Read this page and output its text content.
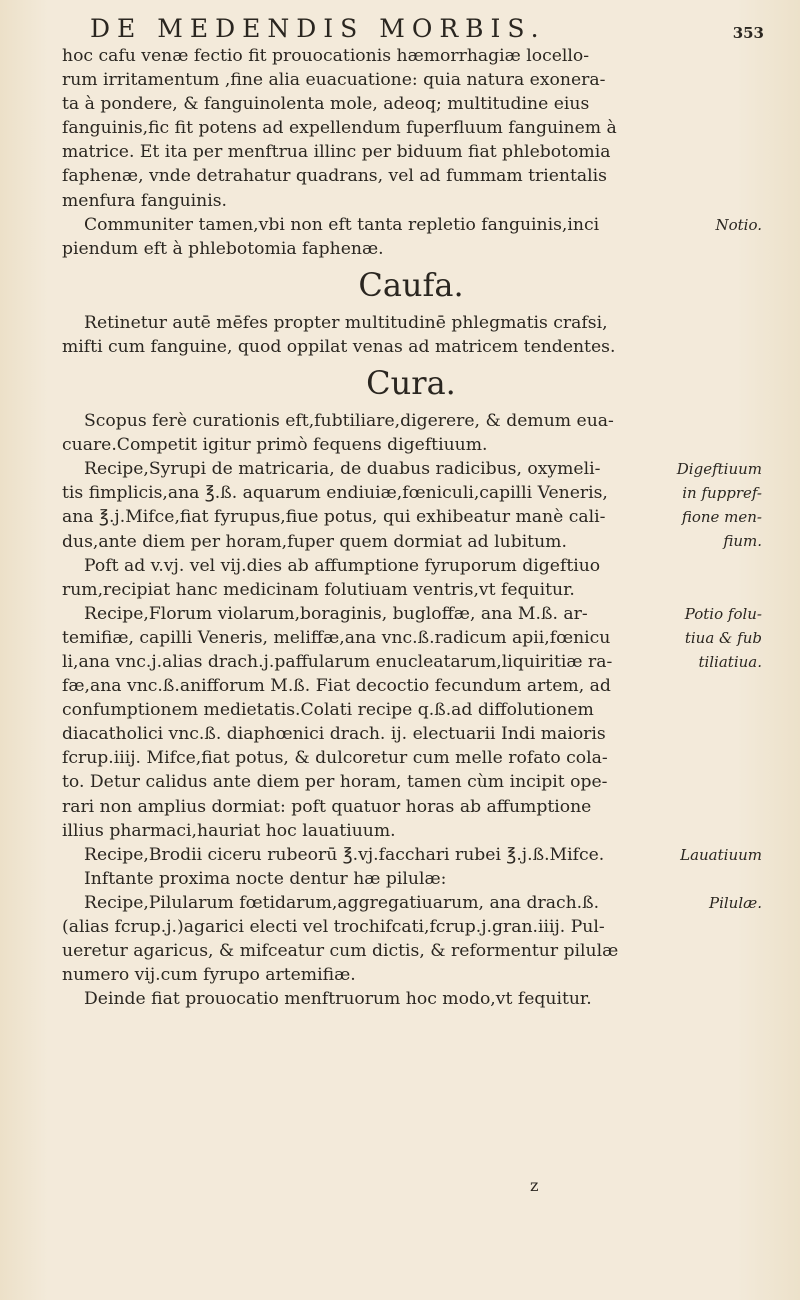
DE MEDENDIS MORBIS.	353
hoc cafu venæ fectio fit prouocationis hæmorrhagiæ locello-
rum irritamentum ,fine alia euacuatione: quia natura exonera-
ta à pondere, & fanguinolenta mole, adeoq; multitudine eius
fanguinis,fic fit potens ad expellendum fuperfluum fanguinem à
matrice. Et ita per menftrua illinc per biduum fiat phlebotomia
faphenæ, vnde detrahatur quadrans, vel ad fummam trientalis
menfura fanguinis.
Communiter tamen,vbi non eft tanta repletio fanguinis,inci	Notio.
piendum eft à phlebotomia faphenæ.
Caufa.
Retinetur autē mēfes propter multitudinē phlegmatis crafsi,
mifti cum fanguine, quod oppilat venas ad matricem tendentes.
Cura.
Scopus ferè curationis eft,fubtiliare,digerere, & demum eua-
cuare.Competit igitur primò fequens digeftiuum.
Recipe,Syrupi de matricaria, de duabus radicibus, oxymeli-
tis fimplicis,ana ℥.ß. aquarum endiuiæ,fœniculi,capilli Veneris,
ana ℥.j.Mifce,fiat fyrupus,fiue potus, qui exhibeatur manè cali-
dus,ante diem per horam,fuper quem dormiat ad lubitum.
Poft ad v.vj. vel vij.dies ab affumptione fyruporum digeftiuo
rum,recipiat hanc medicinam folutiuam ventris,vt fequitur.
Recipe,Florum violarum,boraginis, bugloffæ, ana M.ß. ar-
temifiæ, capilli Veneris, meliffæ,ana vnc.ß.radicum apii,fœnicu
li,ana vnc.j.alias drach.j.paffularum enucleatarum,liquiritiæ ra-
fæ,ana vnc.ß.anifforum M.ß. Fiat decoctio fecundum artem, ad
confumptionem medietatis.Colati recipe q.ß.ad diffolutionem
diacatholici vnc.ß. diaphœnici drach. ij. electuarii Indi maioris
fcrup.iiij. Mifce,fiat potus, & dulcoretur cum melle rofato cola-
to. Detur calidus ante diem per horam, tamen cùm incipit ope-
rari non amplius dormiat: poft quatuor horas ab affumptione
illius pharmaci,hauriat hoc lauatiuum.
Recipe,Brodii ciceru rubeorū ℥.vj.facchari rubei ℥.j.ß.Mifce.
Inftante proxima nocte dentur hæ pilulæ:
Recipe,Pilularum fœtidarum,aggregatiuarum, ana drach.ß.
(alias fcrup.j.)agarici electi vel trochifcati,fcrup.j.gran.iiij. Pul-
ueretur agaricus, & mifceatur cum dictis, & reformentur pilulæ
numero vij.cum fyrupo artemifiæ.
Deinde fiat prouocatio menftruorum hoc modo,vt fequitur.
Digeftiuum
in fuppref-
fione men-
fium.
Potio folu-
tiua & fub
tiliatiua.
Lauatiuum
Pilulæ.
z
